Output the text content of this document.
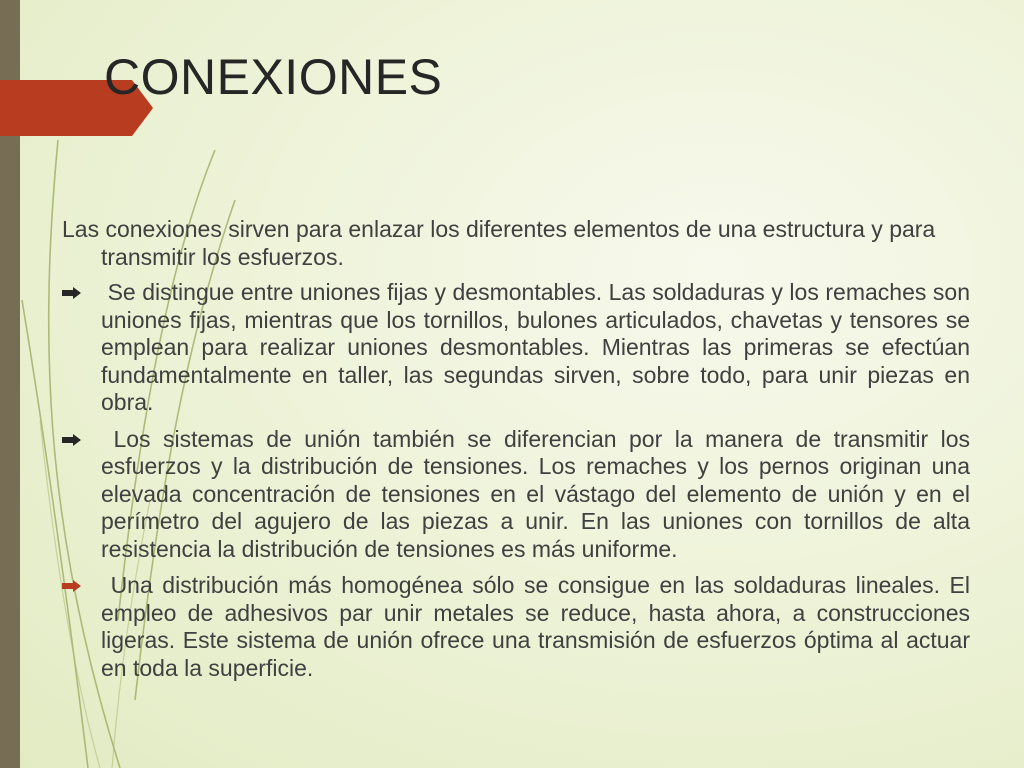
CONEXIONES

Las conexiones sirven para enlazar los diferentes elementos de una estructura y para transmitir los esfuerzos.

Se distingue entre uniones fijas y desmontables. Las soldaduras y los remaches son uniones fijas, mientras que los tornillos, bulones articulados, chavetas y tensores se emplean para realizar uniones desmontables. Mientras las primeras se efectúan fundamentalmente en taller, las segundas sirven, sobre todo, para unir piezas en obra.
Los sistemas de unión también se diferencian por la manera de transmitir los esfuerzos y la distribución de tensiones. Los remaches y los pernos originan una elevada concentración de tensiones en el vástago del elemento de unión y en el perímetro del agujero de las piezas a unir. En las uniones con tornillos de alta resistencia la distribución de tensiones es más uniforme.
Una distribución más homogénea sólo se consigue en las soldaduras lineales. El empleo de adhesivos par unir metales se reduce, hasta ahora, a construcciones ligeras. Este sistema de unión ofrece una transmisión de esfuerzos óptima al actuar en toda la superficie.
